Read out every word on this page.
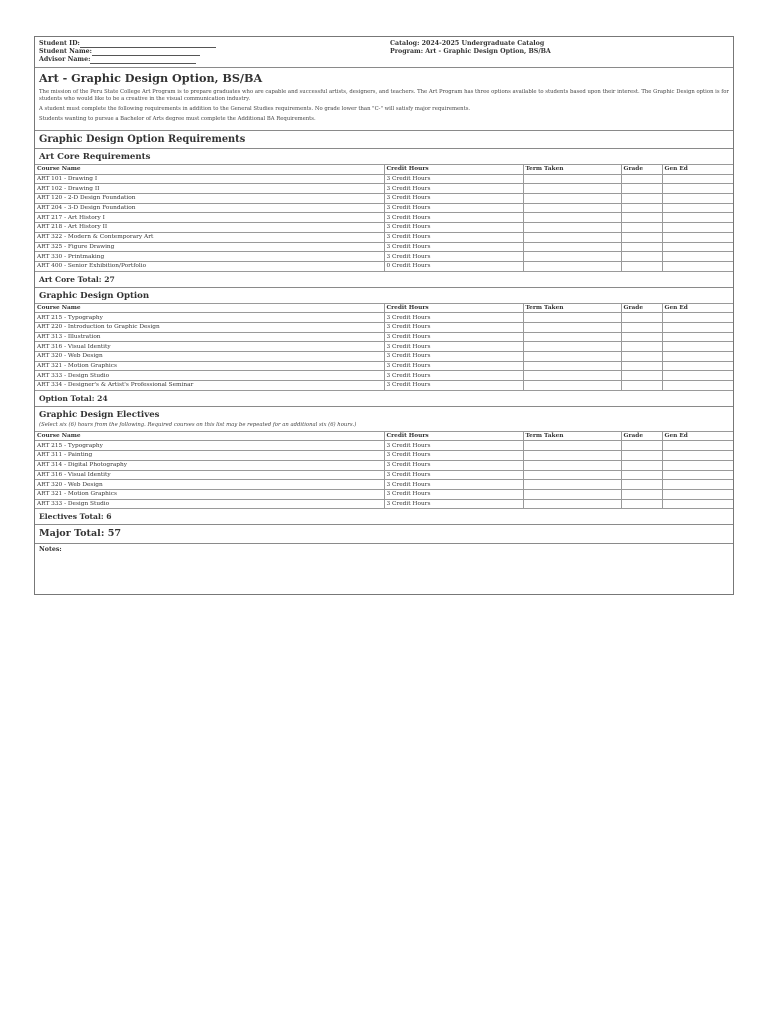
Student ID:
Student Name:
Advisor Name:
Catalog: 2024-2025 Undergraduate Catalog
Program: Art - Graphic Design Option, BS/BA
Art - Graphic Design Option, BS/BA
The mission of the Peru State College Art Program is to prepare graduates who are capable and successful artists, designers, and teachers. The Art Program has three options available to students based upon their interest. The Graphic Design option is for students who would like to be a creative in the visual communication industry.
A student must complete the following requirements in addition to the General Studies requirements. No grade lower than "C-" will satisfy major requirements.
Students wanting to pursue a Bachelor of Arts degree must complete the Additional BA Requirements.
Graphic Design Option Requirements
Art Core Requirements
Course Name	Credit Hours	Term Taken	Grade	Gen Ed
ART 101 - Drawing I	3 Credit Hours			
ART 102 - Drawing II	3 Credit Hours			
ART 120 - 2-D Design Foundation	3 Credit Hours			
ART 204 - 3-D Design Foundation	3 Credit Hours			
ART 217 - Art History I	3 Credit Hours			
ART 218 - Art History II	3 Credit Hours			
ART 322 - Modern & Contemporary Art	3 Credit Hours			
ART 325 - Figure Drawing	3 Credit Hours			
ART 330 - Printmaking	3 Credit Hours			
ART 400 - Senior Exhibition/Portfolio	0 Credit Hours			
Art Core Total: 27
Graphic Design Option
Course Name	Credit Hours	Term Taken	Grade	Gen Ed
ART 215 - Typography	3 Credit Hours			
ART 220 - Introduction to Graphic Design	3 Credit Hours			
ART 313 - Illustration	3 Credit Hours			
ART 316 - Visual Identity	3 Credit Hours			
ART 320 - Web Design	3 Credit Hours			
ART 321 - Motion Graphics	3 Credit Hours			
ART 333 - Design Studio	3 Credit Hours			
ART 334 - Designer's & Artist's Professional Seminar	3 Credit Hours			
Option Total: 24
Graphic Design Electives
(Select six (6) hours from the following. Required courses on this list may be repeated for an additional six (6) hours.)
Course Name	Credit Hours	Term Taken	Grade	Gen Ed
ART 215 - Typography	3 Credit Hours			
ART 311 - Painting	3 Credit Hours			
ART 314 - Digital Photography	3 Credit Hours			
ART 316 - Visual Identity	3 Credit Hours			
ART 320 - Web Design	3 Credit Hours			
ART 321 - Motion Graphics	3 Credit Hours			
ART 333 - Design Studio	3 Credit Hours			
Electives Total: 6
Major Total: 57
Notes:
